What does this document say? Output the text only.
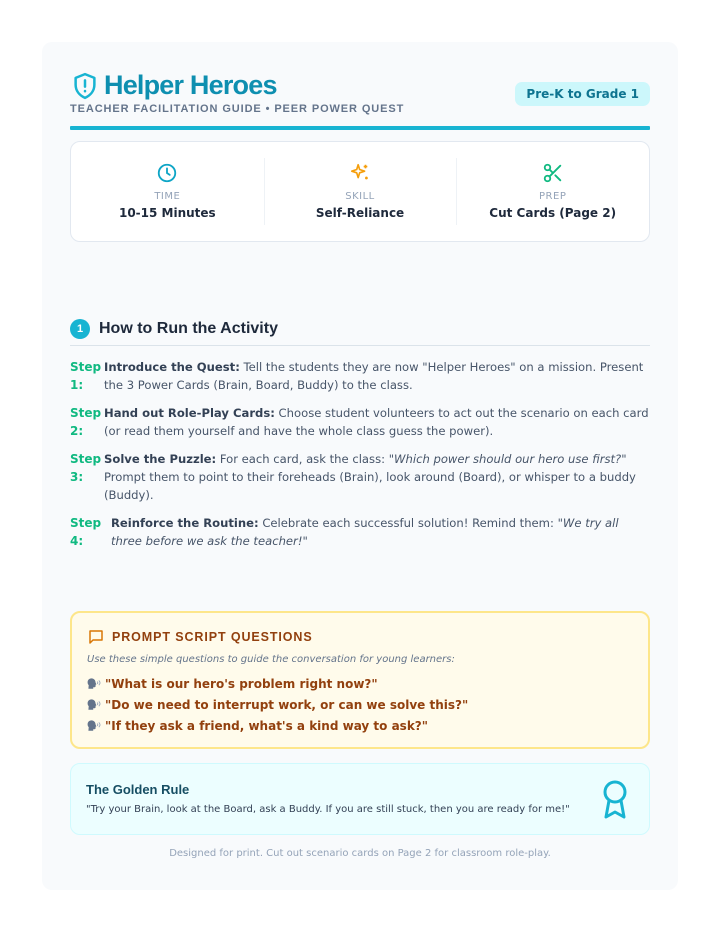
Helper Heroes
TEACHER FACILITATION GUIDE • PEER POWER QUEST
Pre-K to Grade 1
TIME
10-15 Minutes
SKILL
Self-Reliance
PREP
Cut Cards (Page 2)
1 How to Run the Activity
Step 1:
Introduce the Quest: Tell the students they are now "Helper Heroes" on a mission. Present the 3 Power Cards (Brain, Board, Buddy) to the class.
Step 2:
Hand out Role-Play Cards: Choose student volunteers to act out the scenario on each card (or read them yourself and have the whole class guess the power).
Step 3:
Solve the Puzzle: For each card, ask the class: "Which power should our hero use first?" Prompt them to point to their foreheads (Brain), look around (Board), or whisper to a buddy (Buddy).
Step 4:
Reinforce the Routine: Celebrate each successful solution! Remind them: "We try all three before we ask the teacher!"
PROMPT SCRIPT QUESTIONS
Use these simple questions to guide the conversation for young learners:
"What is our hero's problem right now?"
"Do we need to interrupt work, or can we solve this?"
"If they ask a friend, what's a kind way to ask?"
The Golden Rule
"Try your Brain, look at the Board, ask a Buddy. If you are still stuck, then you are ready for me!"
Designed for print. Cut out scenario cards on Page 2 for classroom role-play.
